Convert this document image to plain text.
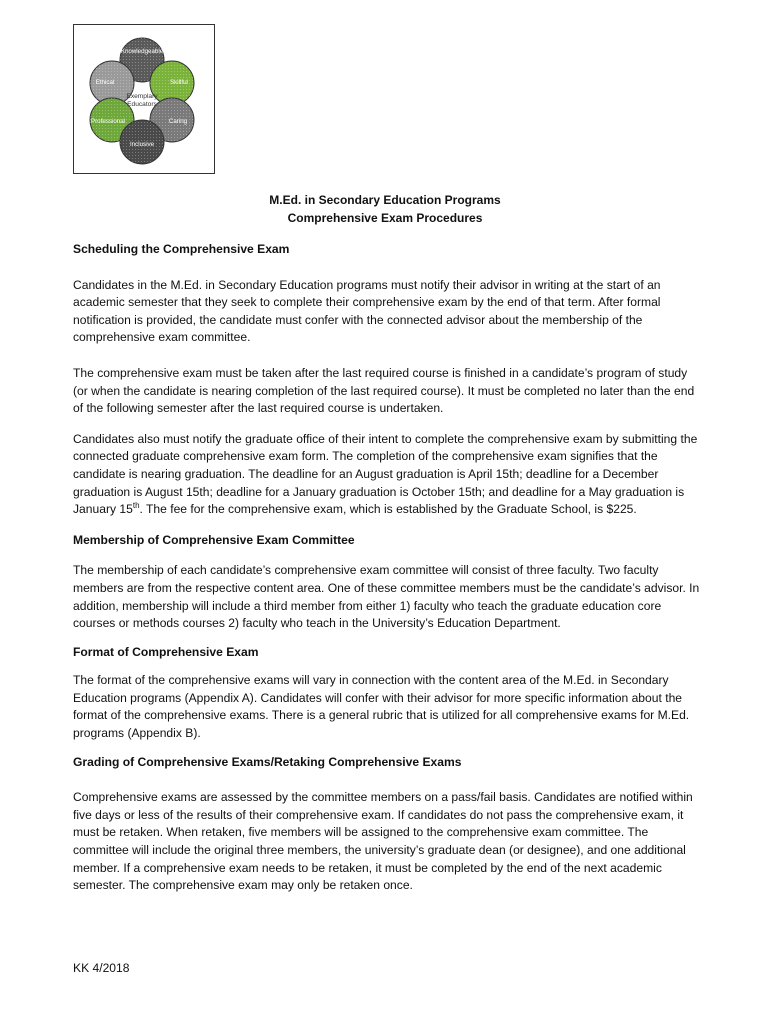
Knowledgeable
Ethical	Skillful
Professional	Caring
Inclusive
Exemplary
Educators
M.Ed. in Secondary Education Programs
Comprehensive Exam Procedures
Scheduling the Comprehensive Exam

Candidates in the M.Ed. in Secondary Education programs must notify their advisor in writing at the start of an academic semester that they seek to complete their comprehensive exam by the end of that term. After formal notification is provided, the candidate must confer with the connected advisor about the membership of the comprehensive exam committee.

The comprehensive exam must be taken after the last required course is finished in a candidate’s program of study (or when the candidate is nearing completion of the last required course). It must be completed no later than the end of the following semester after the last required course is undertaken.

Candidates also must notify the graduate office of their intent to complete the comprehensive exam by submitting the connected graduate comprehensive exam form. The completion of the comprehensive exam signifies that the candidate is nearing graduation. The deadline for an August graduation is April 15th; deadline for a December graduation is August 15th; deadline for a January graduation is October 15th; and deadline for a May graduation is January 15th. The fee for the comprehensive exam, which is established by the Graduate School, is $225.

Membership of Comprehensive Exam Committee

The membership of each candidate’s comprehensive exam committee will consist of three faculty. Two faculty members are from the respective content area. One of these committee members must be the candidate’s advisor. In addition, membership will include a third member from either 1) faculty who teach the graduate education core courses or methods courses 2) faculty who teach in the University’s Education Department.

Format of Comprehensive Exam

The format of the comprehensive exams will vary in connection with the content area of the M.Ed. in Secondary Education programs (Appendix A). Candidates will confer with their advisor for more specific information about the format of the comprehensive exams. There is a general rubric that is utilized for all comprehensive exams for M.Ed. programs (Appendix B).

Grading of Comprehensive Exams/Retaking Comprehensive Exams

Comprehensive exams are assessed by the committee members on a pass/fail basis. Candidates are notified within five days or less of the results of their comprehensive exam. If candidates do not pass the comprehensive exam, it must be retaken. When retaken, five members will be assigned to the comprehensive exam committee. The committee will include the original three members, the university’s graduate dean (or designee), and one additional member. If a comprehensive exam needs to be retaken, it must be completed by the end of the next academic semester. The comprehensive exam may only be retaken once.

KK 4/2018
